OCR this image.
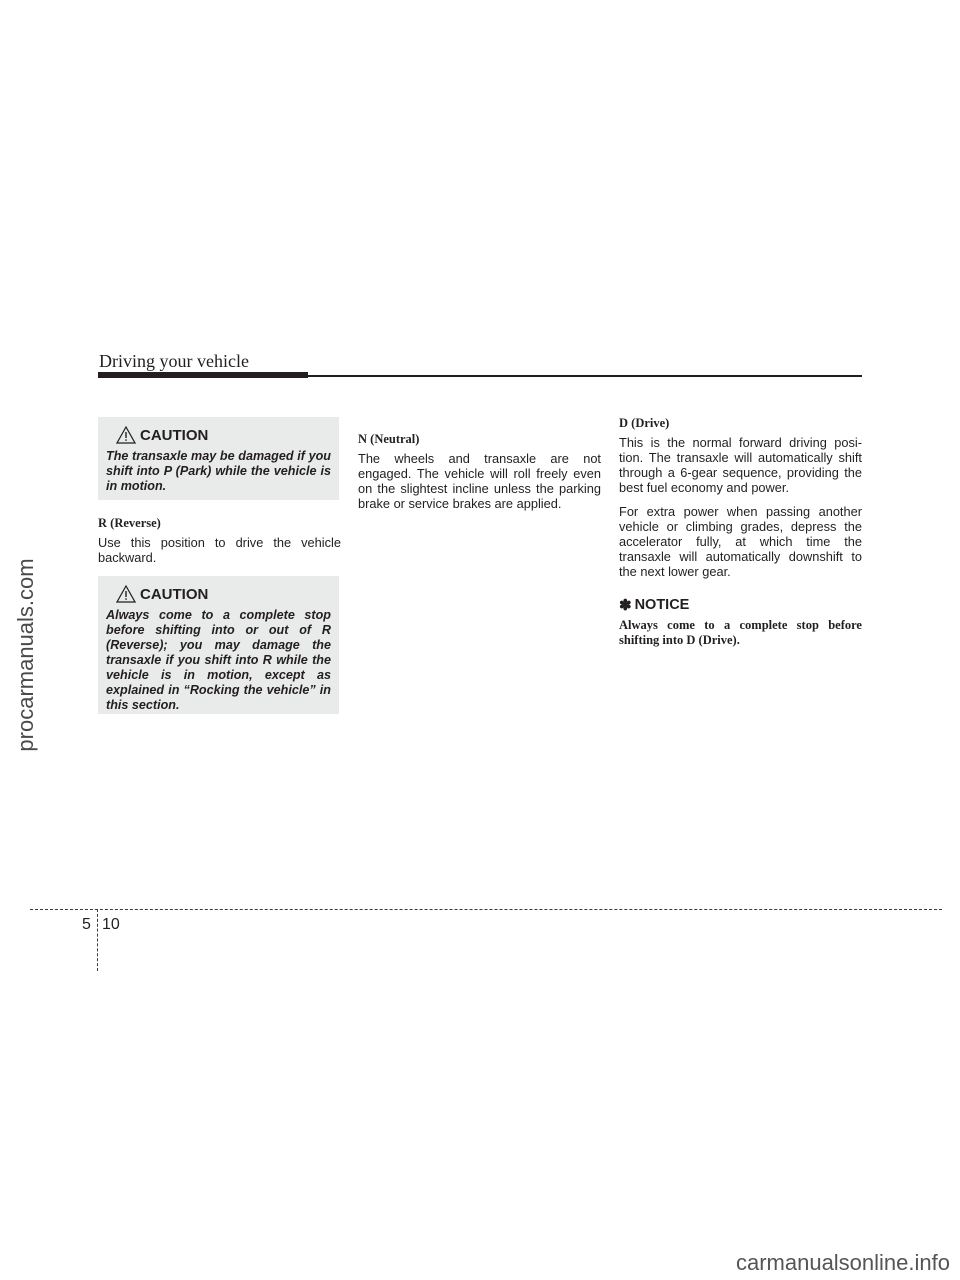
Driving your vehicle
CAUTION

The transaxle may be damaged if you shift into P (Park) while the vehicle is in motion.

R (Reverse)

Use this position to drive the vehicle backward.

CAUTION

Always come to a complete stop before shifting into or out of R (Reverse); you may damage the transaxle if you shift into R while the vehicle is in motion, except as explained in “Rocking the vehicle” in this section.

N (Neutral)

The wheels and transaxle are not engaged. The vehicle will roll freely even on the slightest incline unless the parking brake or service brakes are applied.

D (Drive)

This is the normal forward driving posi-tion. The transaxle will automatically shift through a 6-gear sequence, providing the best fuel economy and power.

For extra power when passing another vehicle or climbing grades, depress the accelerator fully, at which time the transaxle will automatically downshift to the next lower gear.

✽ NOTICE

Always come to a complete stop before shifting into D (Drive).

5 10
procarmanuals.com
carmanualsonline.info
